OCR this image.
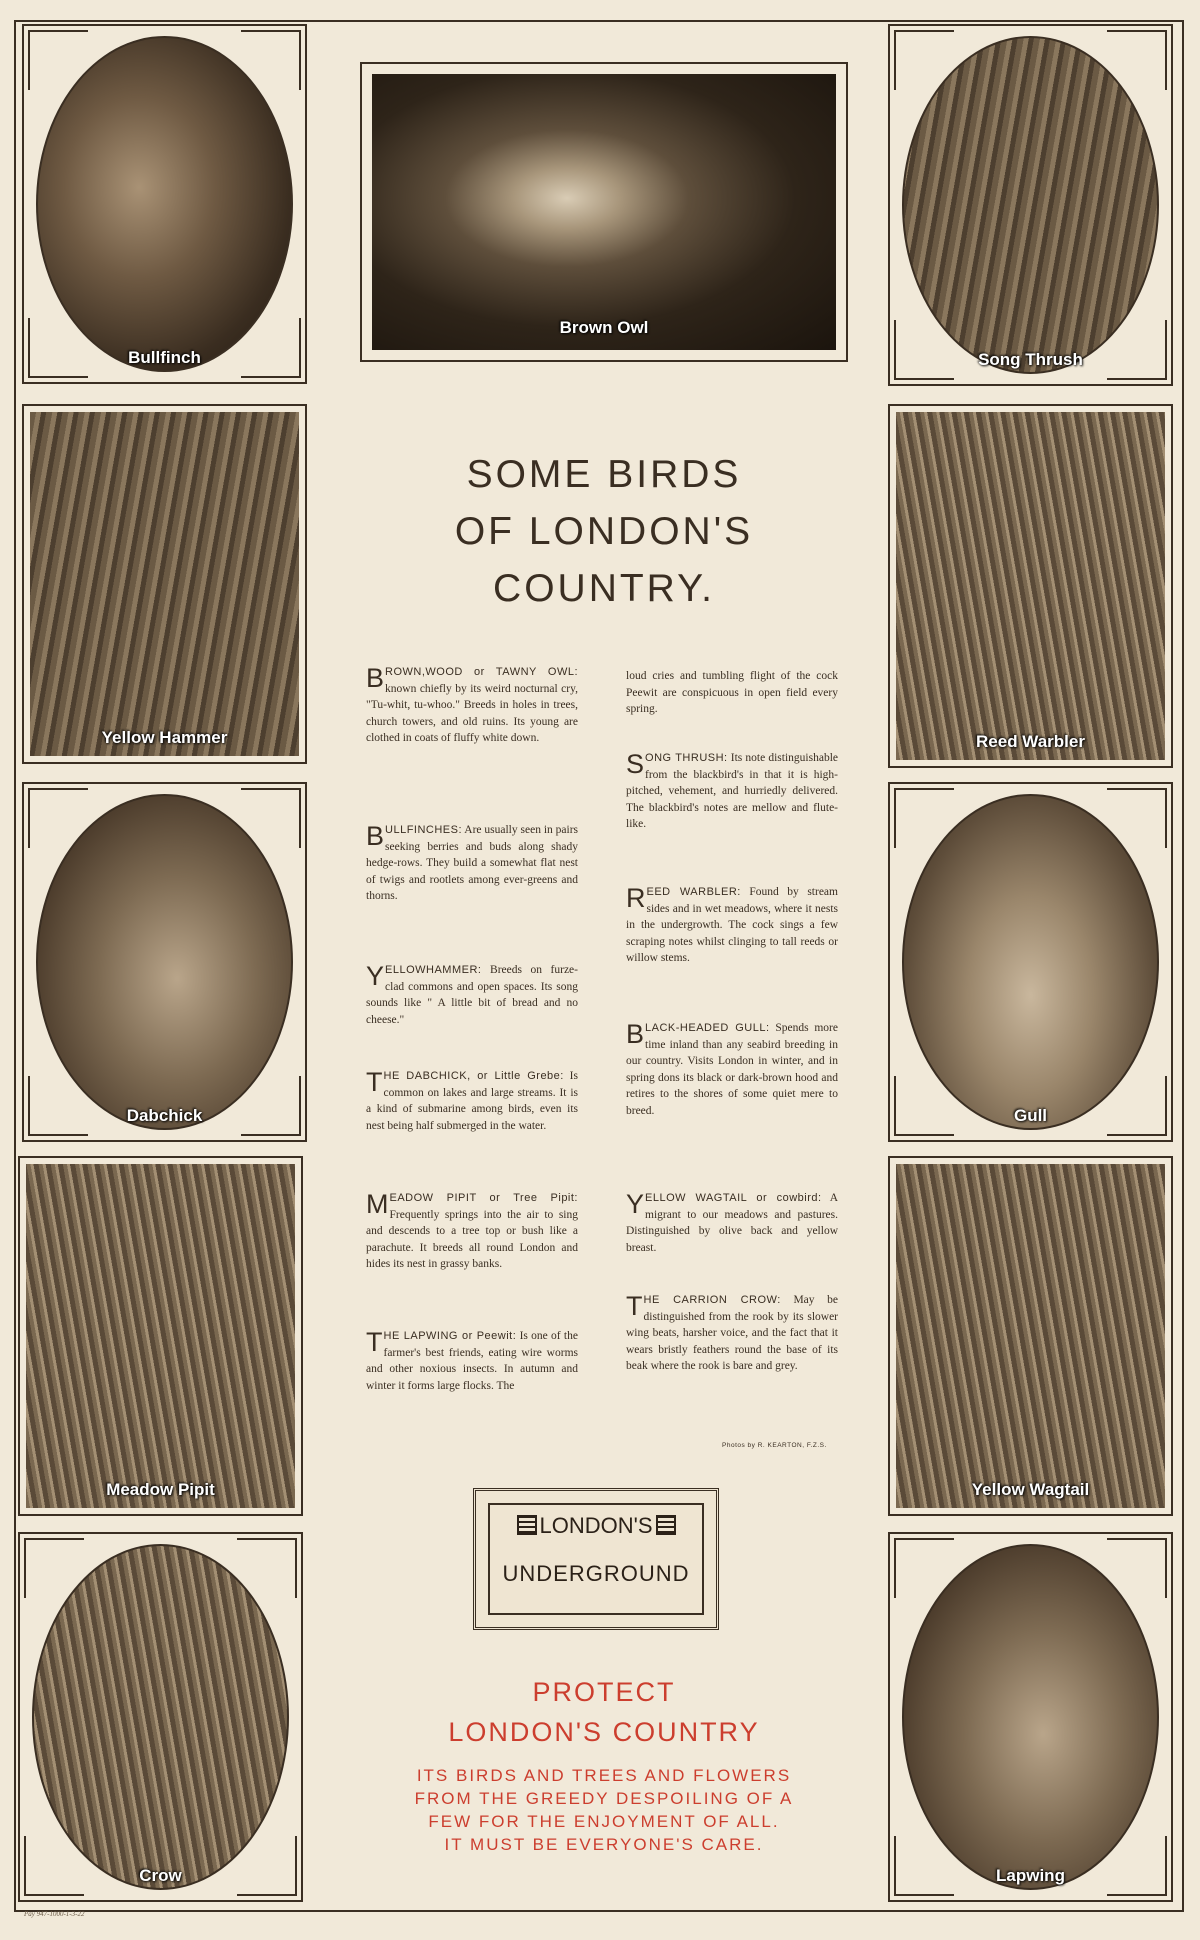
Bullfinch
Yellow Hammer
Dabchick
Meadow Pipit
Crow
Song Thrush
Reed Warbler
Gull
Yellow Wagtail
Lapwing
Brown Owl
SOME BIRDS
OF LONDON'S
COUNTRY.
BROWN,WOOD or TAWNY OWL: known chiefly by its weird nocturnal cry, "Tu-whit, tu-whoo." Breeds in holes in trees, church towers, and old ruins. Its young are clothed in coats of fluffy white down.
BULLFINCHES: Are usually seen in pairs seeking berries and buds along shady hedge-rows. They build a somewhat flat nest of twigs and rootlets among ever-greens and thorns.
YELLOWHAMMER: Breeds on furze-clad commons and open spaces. Its song sounds like " A little bit of bread and no cheese."
THE DABCHICK, or Little Grebe: Is common on lakes and large streams. It is a kind of submarine among birds, even its nest being half submerged in the water.
MEADOW PIPIT or Tree Pipit: Frequently springs into the air to sing and descends to a tree top or bush like a parachute. It breeds all round London and hides its nest in grassy banks.
THE LAPWING or Peewit: Is one of the farmer's best friends, eating wire worms and other noxious insects. In autumn and winter it forms large flocks. The
loud cries and tumbling flight of the cock Peewit are conspicuous in open field every spring.
SONG THRUSH: Its note distinguishable from the blackbird's in that it is high-pitched, vehement, and hurriedly delivered. The blackbird's notes are mellow and flute-like.
REED WARBLER: Found by stream sides and in wet meadows, where it nests in the undergrowth. The cock sings a few scraping notes whilst clinging to tall reeds or willow stems.
BLACK-HEADED GULL: Spends more time inland than any seabird breeding in our country. Visits London in winter, and in spring dons its black or dark-brown hood and retires to the shores of some quiet mere to breed.
YELLOW WAGTAIL or cowbird: A migrant to our meadows and pastures. Distinguished by olive back and yellow breast.
THE CARRION CROW: May be distinguished from the rook by its slower wing beats, harsher voice, and the fact that it wears bristly feathers round the base of its beak where the rook is bare and grey.
Photos by R. KEARTON, F.Z.S.
LONDON'S
UNDERGROUND
PROTECT
LONDON'S COUNTRY
ITS BIRDS AND TREES AND FLOWERS
FROM THE GREEDY DESPOILING OF A
FEW FOR THE ENJOYMENT OF ALL.
IT MUST BE EVERYONE'S CARE.
Pay 947-1000-1-3-22
